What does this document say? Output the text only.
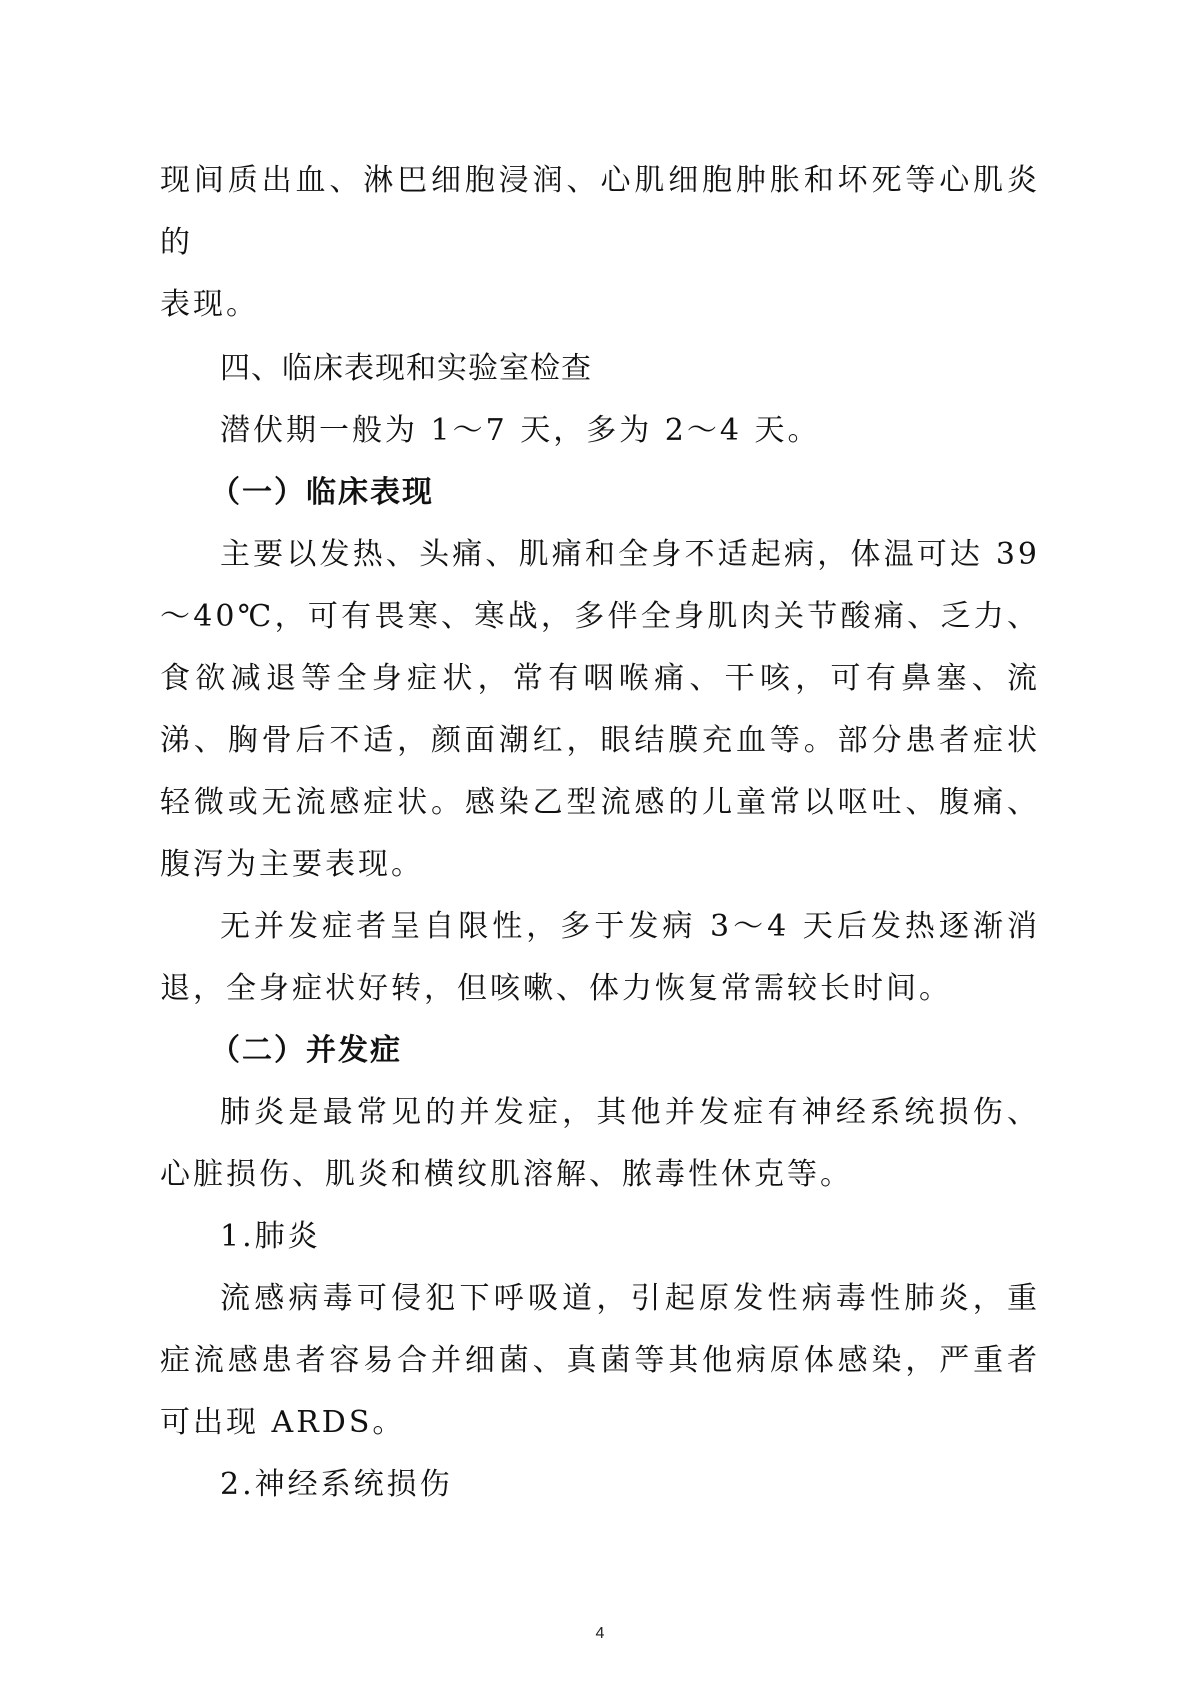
现间质出血、淋巴细胞浸润、心肌细胞肿胀和坏死等心肌炎的
表现。

四、临床表现和实验室检查

潜伏期一般为 1～7 天，多为 2～4 天。

（一）临床表现

主要以发热、头痛、肌痛和全身不适起病，体温可达 39～40℃，可有畏寒、寒战，多伴全身肌肉关节酸痛、乏力、食欲减退等全身症状，常有咽喉痛、干咳，可有鼻塞、流涕、胸骨后不适，颜面潮红，眼结膜充血等。部分患者症状轻微或无流感症状。感染乙型流感的儿童常以呕吐、腹痛、腹泻为主要表现。

无并发症者呈自限性，多于发病 3～4 天后发热逐渐消退，全身症状好转，但咳嗽、体力恢复常需较长时间。

（二）并发症

肺炎是最常见的并发症，其他并发症有神经系统损伤、心脏损伤、肌炎和横纹肌溶解、脓毒性休克等。

1.肺炎

流感病毒可侵犯下呼吸道，引起原发性病毒性肺炎，重症流感患者容易合并细菌、真菌等其他病原体感染，严重者可出现 ARDS。

2.神经系统损伤

4
